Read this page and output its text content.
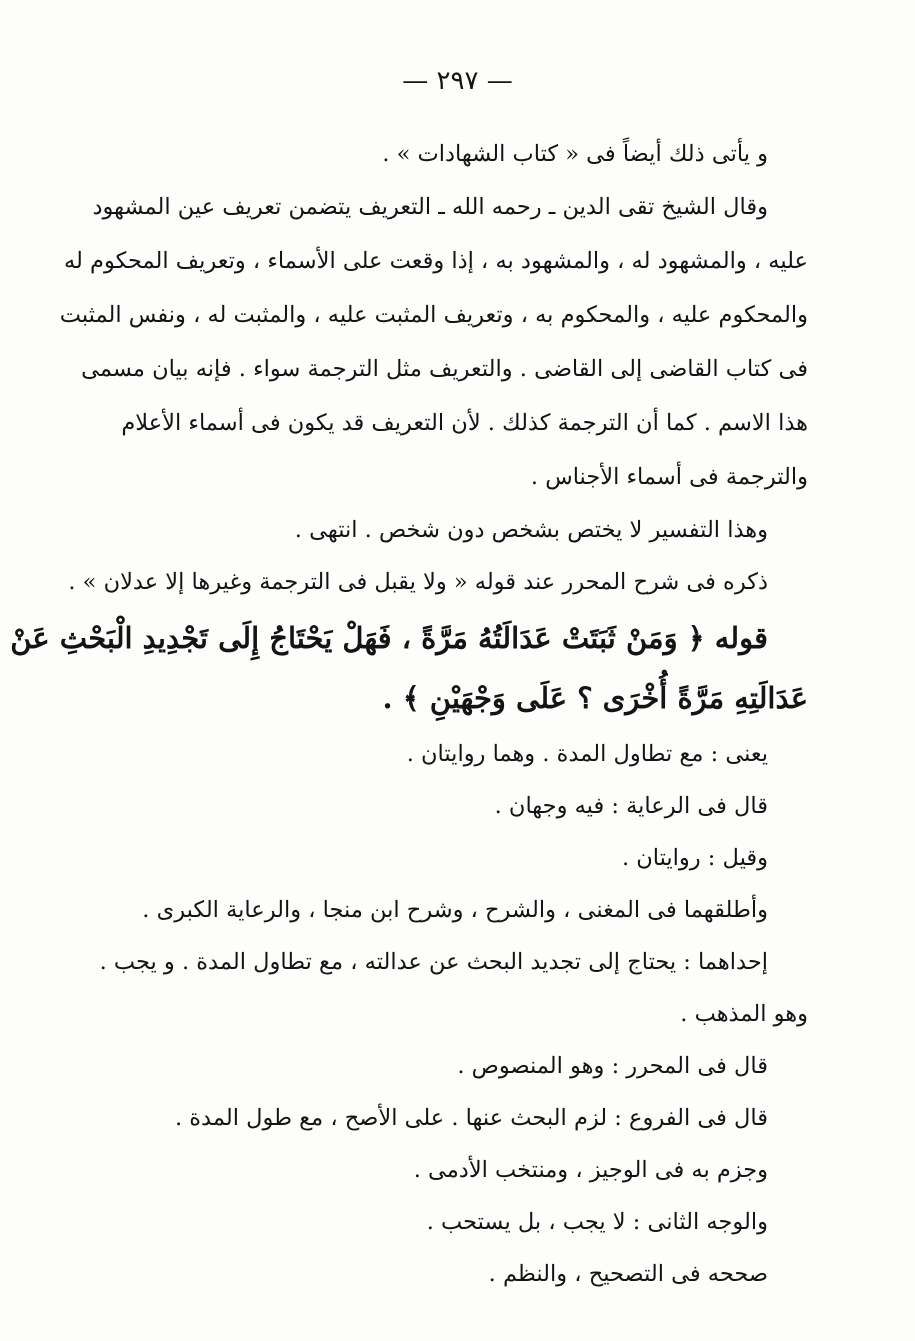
— ٢٩٧ —
و يأتى ذلك أيضاً فى « كتاب الشهادات » .
وقال الشيخ تقى الدين ـ رحمه الله ـ التعريف يتضمن تعريف عين المشهود
عليه ، والمشهود له ، والمشهود به ، إذا وقعت على الأسماء ، وتعريف المحكوم له
والمحكوم عليه ، والمحكوم به ، وتعريف المثبت عليه ، والمثبت له ، ونفس المثبت
فى كتاب القاضى إلى القاضى . والتعريف مثل الترجمة سواء . فإنه بيان مسمى
هذا الاسم . كما أن الترجمة كذلك . لأن التعريف قد يكون فى أسماء الأعلام
والترجمة فى أسماء الأجناس .
وهذا التفسير لا يختص بشخص دون شخص . انتهى .
ذكره فى شرح المحرر عند قوله « ولا يقبل فى الترجمة وغيرها إلا عدلان » .
قوله ﴿ وَمَنْ ثَبَتَتْ عَدَالَتُهُ مَرَّةً ، فَهَلْ يَحْتَاجُ إِلَى تَجْدِيدِ الْبَحْثِ عَنْ
عَدَالَتِهِ مَرَّةً أُخْرَى ؟ عَلَى وَجْهَيْنِ ﴾ .
يعنى : مع تطاول المدة . وهما روايتان .
قال فى الرعاية : فيه وجهان .
وقيل : روايتان .
وأطلقهما فى المغنى ، والشرح ، وشرح ابن منجا ، والرعاية الكبرى .
إحداهما : يحتاج إلى تجديد البحث عن عدالته ، مع تطاول المدة . و يجب .
وهو المذهب .
قال فى المحرر : وهو المنصوص .
قال فى الفروع : لزم البحث عنها . على الأصح ، مع طول المدة .
وجزم به فى الوجيز ، ومنتخب الأدمى .
والوجه الثانى : لا يجب ، بل يستحب .
صححه فى التصحيح ، والنظم .
